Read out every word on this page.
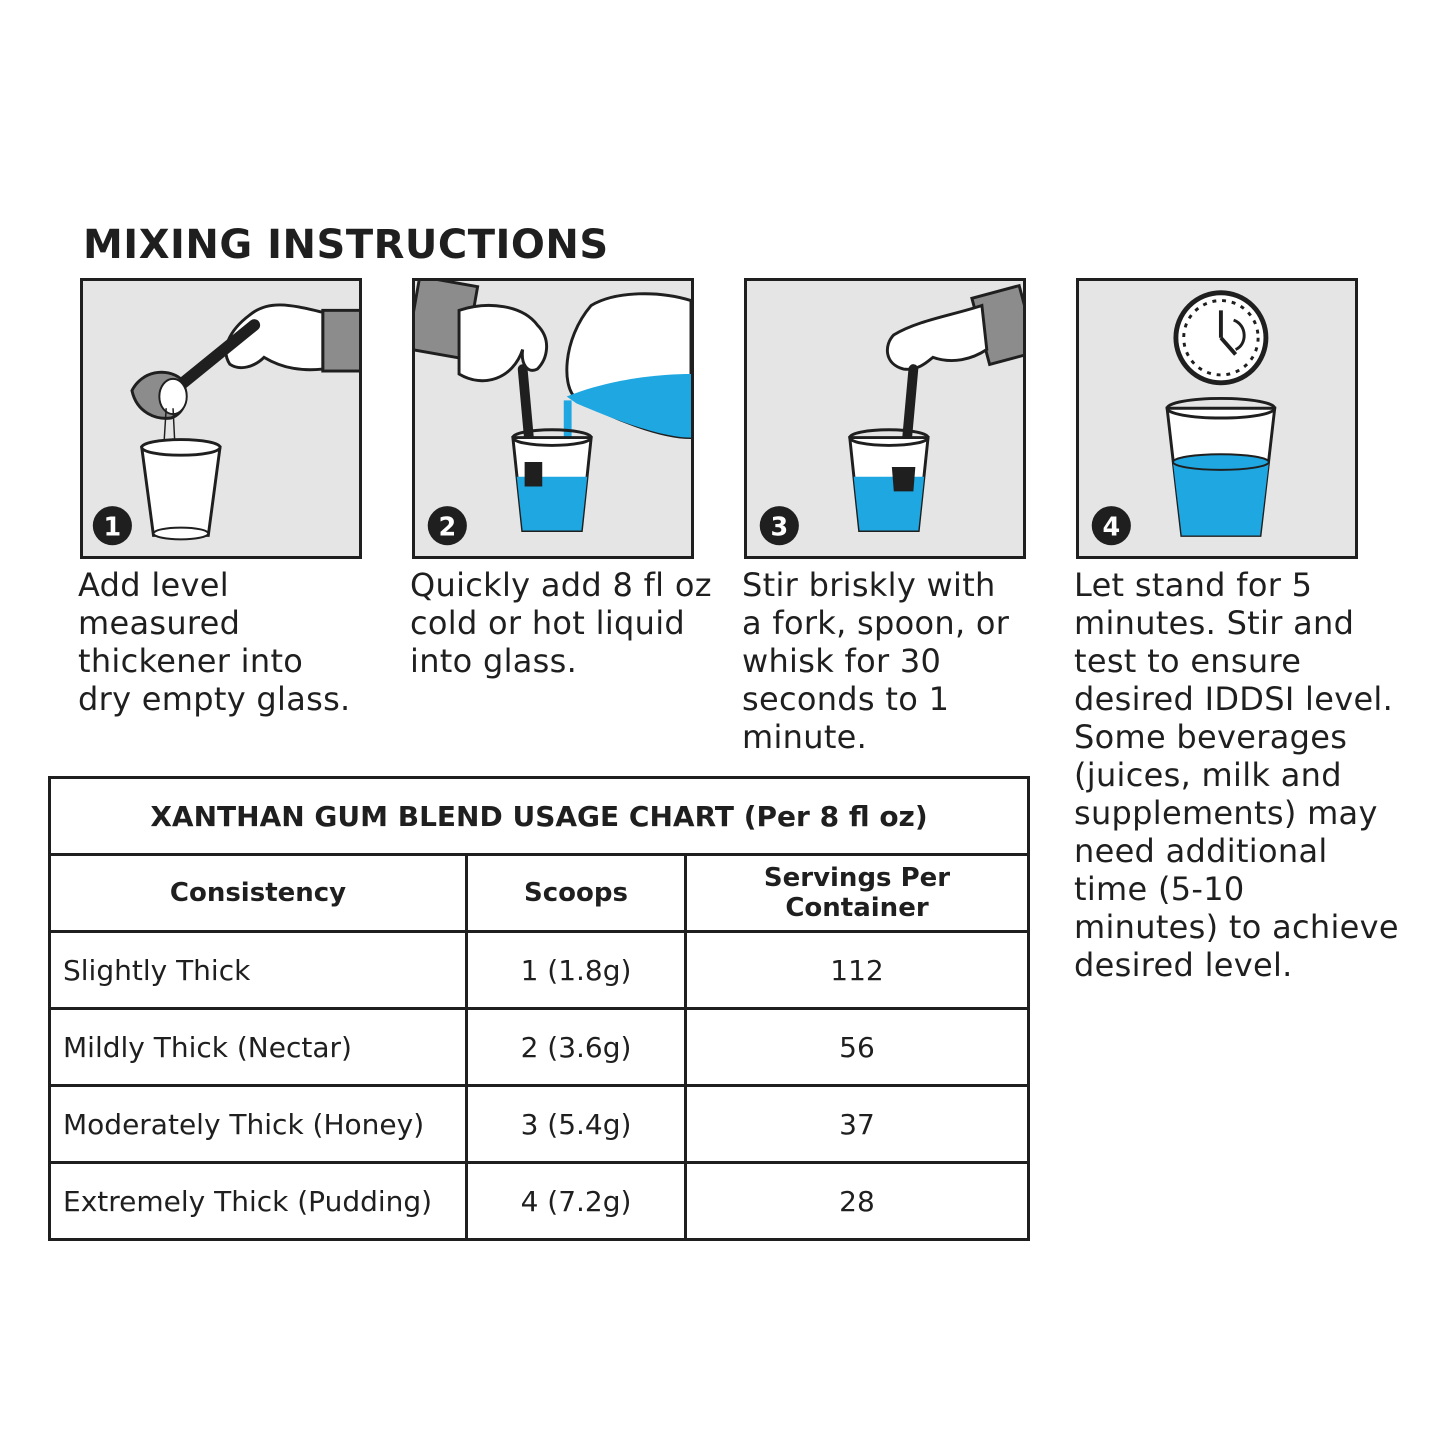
MIXING INSTRUCTIONS
1	2	3	4

Add level
measured
thickener into
dry empty glass.

Quickly add 8 fl oz
cold or hot liquid
into glass.

Stir briskly with
a fork, spoon, or
whisk for 30
seconds to 1
minute.

Let stand for 5
minutes. Stir and
test to ensure
desired IDDSI level.
Some beverages
(juices, milk and
supplements) may
need additional
time (5-10
minutes) to achieve
desired level.

XANTHAN GUM BLEND USAGE CHART (Per 8 fl oz)		
Consistency	Scoops	Servings Per Container
Slightly Thick	1 (1.8g)	112
Mildly Thick (Nectar)	2 (3.6g)	56
Moderately Thick (Honey)	3 (5.4g)	37
Extremely Thick (Pudding)	4 (7.2g)	28
